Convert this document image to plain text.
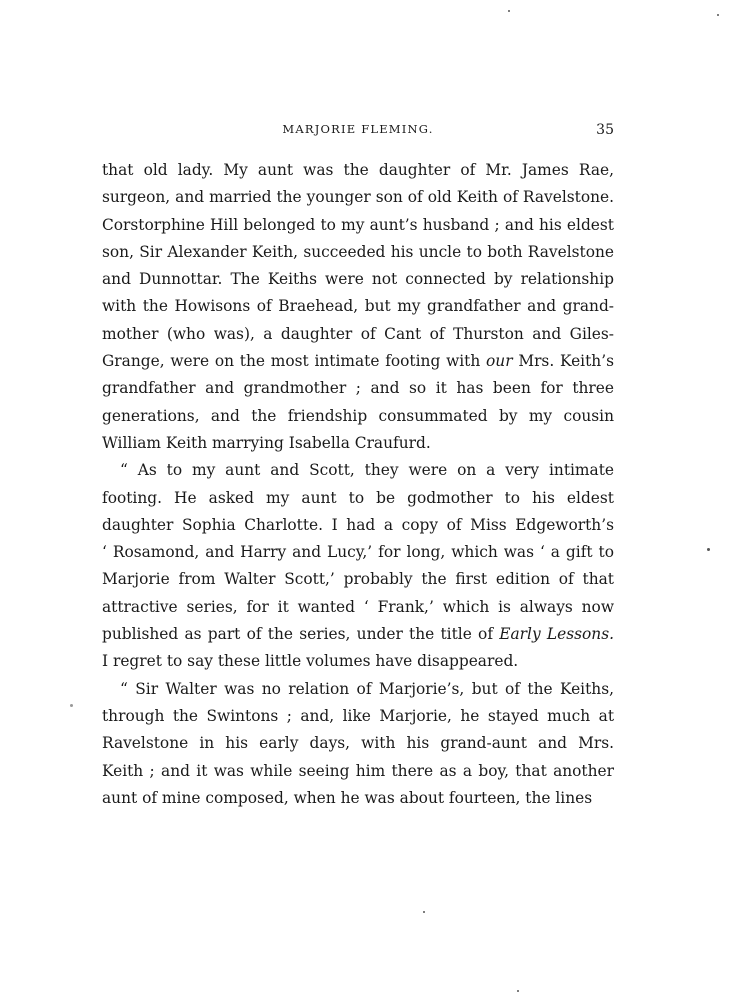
MARJORIE FLEMING.	35
that old lady. My aunt was the daughter of Mr. James Rae,
surgeon, and married the younger son of old Keith of Ravelstone.
Corstorphine Hill belonged to my aunt’s husband ; and his eldest
son, Sir Alexander Keith, succeeded his uncle to both Ravelstone
and Dunnottar. The Keiths were not connected by relationship
with the Howisons of Braehead, but my grandfather and grand-
mother (who was), a daughter of Cant of Thurston and Giles-
Grange, were on the most intimate footing with our Mrs. Keith’s
grandfather and grandmother ; and so it has been for three
generations, and the friendship consummated by my cousin
William Keith marrying Isabella Craufurd.
“ As to my aunt and Scott, they were on a very intimate
footing. He asked my aunt to be godmother to his eldest
daughter Sophia Charlotte. I had a copy of Miss Edgeworth’s
‘ Rosamond, and Harry and Lucy,’ for long, which was ‘ a gift to
Marjorie from Walter Scott,’ probably the first edition of that
attractive series, for it wanted ‘ Frank,’ which is always now
published as part of the series, under the title of Early Lessons.
I regret to say these little volumes have disappeared.
“ Sir Walter was no relation of Marjorie’s, but of the Keiths,
through the Swintons ; and, like Marjorie, he stayed much at
Ravelstone in his early days, with his grand-aunt and Mrs.
Keith ; and it was while seeing him there as a boy, that another
aunt of mine composed, when he was about fourteen, the lines
